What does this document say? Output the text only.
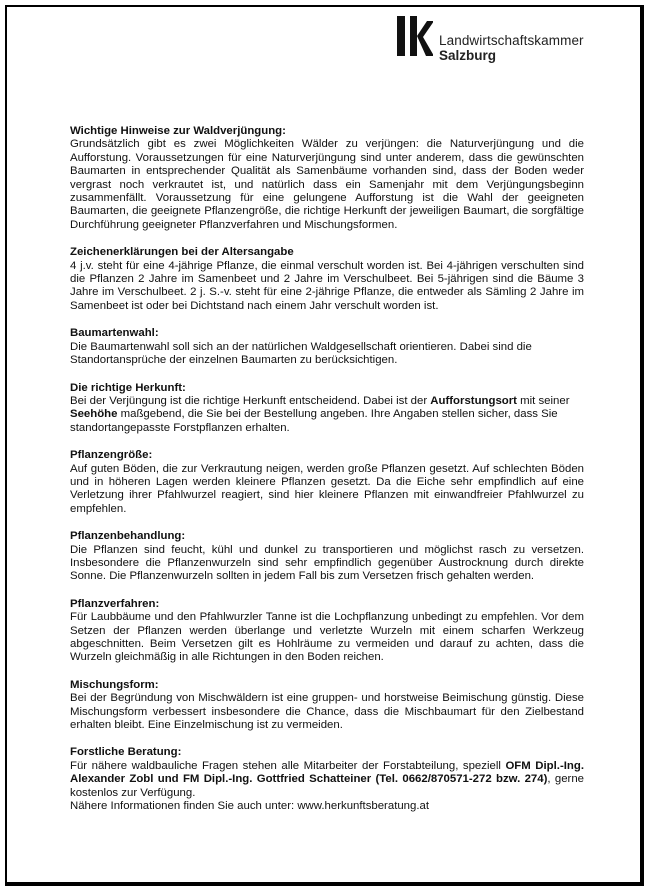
Landwirtschaftskammer
Salzburg
Wichtige Hinweise zur Waldverjüngung:

Grundsätzlich gibt es zwei Möglichkeiten Wälder zu verjüngen: die Naturverjüngung und die Aufforstung. Voraussetzungen für eine Naturverjüngung sind unter anderem, dass die gewünschten Baumarten in entsprechender Qualität als Samenbäume vorhanden sind, dass der Boden weder vergrast noch verkrautet ist, und natürlich dass ein Samenjahr mit dem Verjüngungsbeginn zusammenfällt. Voraussetzung für eine gelungene Aufforstung ist die Wahl der geeigneten Baumarten, die geeignete Pflanzengröße, die richtige Herkunft der jeweiligen Baumart, die sorgfältige Durchführung geeigneter Pflanzverfahren und Mischungsformen.

Zeichenerklärungen bei der Altersangabe

4 j.v. steht für eine 4-jährige Pflanze, die einmal verschult worden ist. Bei 4-jährigen verschulten sind die Pflanzen 2 Jahre im Samenbeet und 2 Jahre im Verschulbeet. Bei 5-jährigen sind die Bäume 3 Jahre im Verschulbeet. 2 j. S.-v. steht für eine 2-jährige Pflanze, die entweder als Sämling 2 Jahre im Samenbeet ist oder bei Dichtstand nach einem Jahr verschult worden ist.

Baumartenwahl:

Die Baumartenwahl soll sich an der natürlichen Waldgesellschaft orientieren. Dabei sind die Standortansprüche der einzelnen Baumarten zu berücksichtigen.

Die richtige Herkunft:

Bei der Verjüngung ist die richtige Herkunft entscheidend. Dabei ist der Aufforstungsort mit seiner Seehöhe maßgebend, die Sie bei der Bestellung angeben. Ihre Angaben stellen sicher, dass Sie standortangepasste Forstpflanzen erhalten.

Pflanzengröße:

Auf guten Böden, die zur Verkrautung neigen, werden große Pflanzen gesetzt. Auf schlechten Böden und in höheren Lagen werden kleinere Pflanzen gesetzt. Da die Eiche sehr empfindlich auf eine Verletzung ihrer Pfahlwurzel reagiert, sind hier kleinere Pflanzen mit einwandfreier Pfahlwurzel zu empfehlen.

Pflanzenbehandlung:

Die Pflanzen sind feucht, kühl und dunkel zu transportieren und möglichst rasch zu versetzen. Insbesondere die Pflanzenwurzeln sind sehr empfindlich gegenüber Austrocknung durch direkte Sonne. Die Pflanzenwurzeln sollten in jedem Fall bis zum Versetzen frisch gehalten werden.

Pflanzverfahren:

Für Laubbäume und den Pfahlwurzler Tanne ist die Lochpflanzung unbedingt zu empfehlen. Vor dem Setzen der Pflanzen werden überlange und verletzte Wurzeln mit einem scharfen Werkzeug abgeschnitten. Beim Versetzen gilt es Hohlräume zu vermeiden und darauf zu achten, dass die Wurzeln gleichmäßig in alle Richtungen in den Boden reichen.

Mischungsform:

Bei der Begründung von Mischwäldern ist eine gruppen- und horstweise Beimischung günstig. Diese Mischungsform verbessert insbesondere die Chance, dass die Mischbaumart für den Zielbestand erhalten bleibt. Eine Einzelmischung ist zu vermeiden.

Forstliche Beratung:

Für nähere waldbauliche Fragen stehen alle Mitarbeiter der Forstabteilung, speziell OFM Dipl.-Ing. Alexander Zobl und FM Dipl.-Ing. Gottfried Schatteiner (Tel. 0662/870571-272 bzw. 274), gerne kostenlos zur Verfügung.

Nähere Informationen finden Sie auch unter: www.herkunftsberatung.at
